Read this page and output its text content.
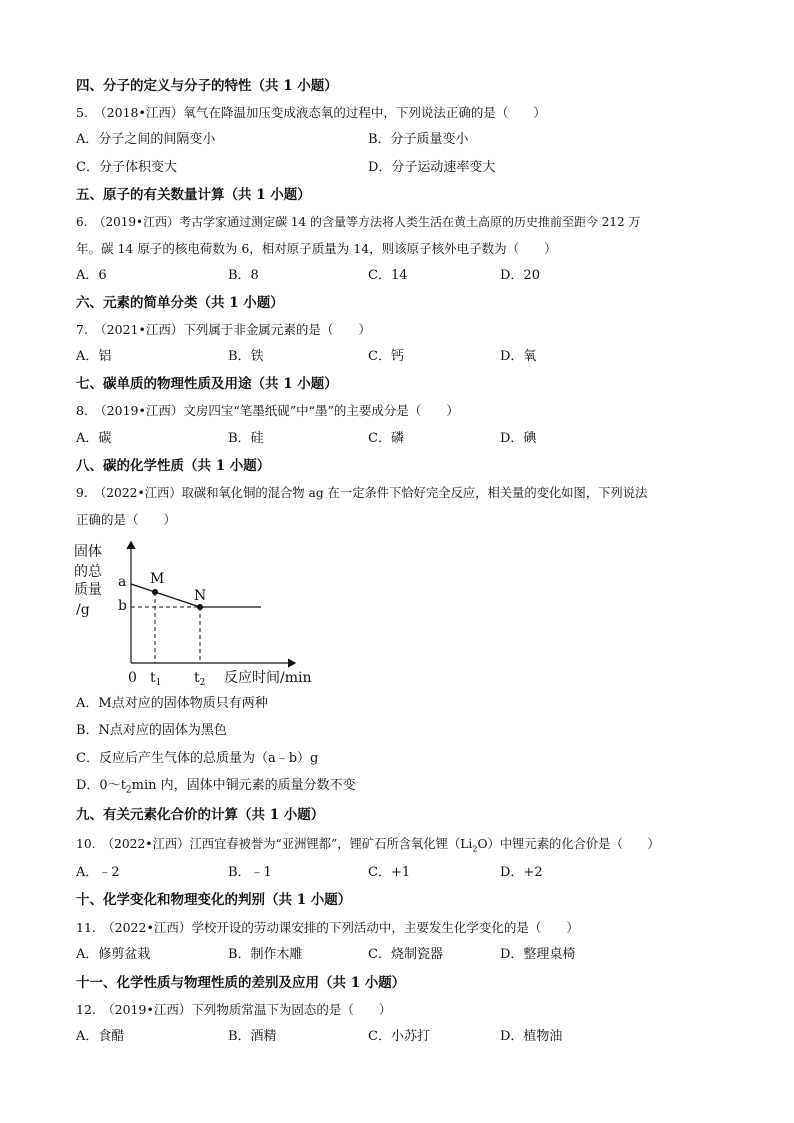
四、分子的定义与分子的特性（共 1 小题）
5.　（2018•江西）氧气在降温加压变成液态氧的过程中，下列说法正确的是（　　）
A．分子之间的间隔变小	B．分子质量变小
C．分子体积变大	D．分子运动速率变大
五、原子的有关数量计算（共 1 小题）
6.　（2019•江西）考古学家通过测定碳 14 的含量等方法将人类生活在黄土高原的历史推前至距今 212 万
年。碳 14 原子的核电荷数为 6，相对原子质量为 14，则该原子核外电子数为（　　）
A．6	B．8	C．14	D．20
六、元素的简单分类（共 1 小题）
7.　（2021•江西）下列属于非金属元素的是（　　）
A．铝	B．铁	C．钙	D．氧
七、碳单质的物理性质及用途（共 1 小题）
8.　（2019•江西）文房四宝“笔墨纸砚”中“墨”的主要成分是（　　）
A．碳	B．硅	C．磷	D．碘
八、碳的化学性质（共 1 小题）
9.　（2022•江西）取碳和氧化铜的混合物 ag 在一定条件下恰好完全反应，相关量的变化如图，下列说法
正确的是（　　）
固体
的总
质量
/g
a
b
M
N
0 $t_1$ $t_2$ 反应时间/min
A．M点对应的固体物质只有两种
B．N点对应的固体为黑色
C．反应后产生气体的总质量为（a﹣b）g
D．$0\sim t_2\min$ 内，固体中铜元素的质量分数不变
九、有关元素化合价的计算（共 1 小题）
10.　（2022•江西）江西宜春被誉为“亚洲锂都”，锂矿石所含氧化锂$(Li_2O)$中锂元素的化合价是（　　）
A．﹣2	B．﹣1	C．+1	D．+2
十、化学变化和物理变化的判别（共 1 小题）
11.　（2022•江西）学校开设的劳动课安排的下列活动中，主要发生化学变化的是（　　）
A．修剪盆栽	B．制作木雕	C．烧制瓷器	D．整理桌椅
十一、化学性质与物理性质的差别及应用（共 1 小题）
12.　（2019•江西）下列物质常温下为固态的是（　　）
A．食醋	B．酒精	C．小苏打	D．植物油
